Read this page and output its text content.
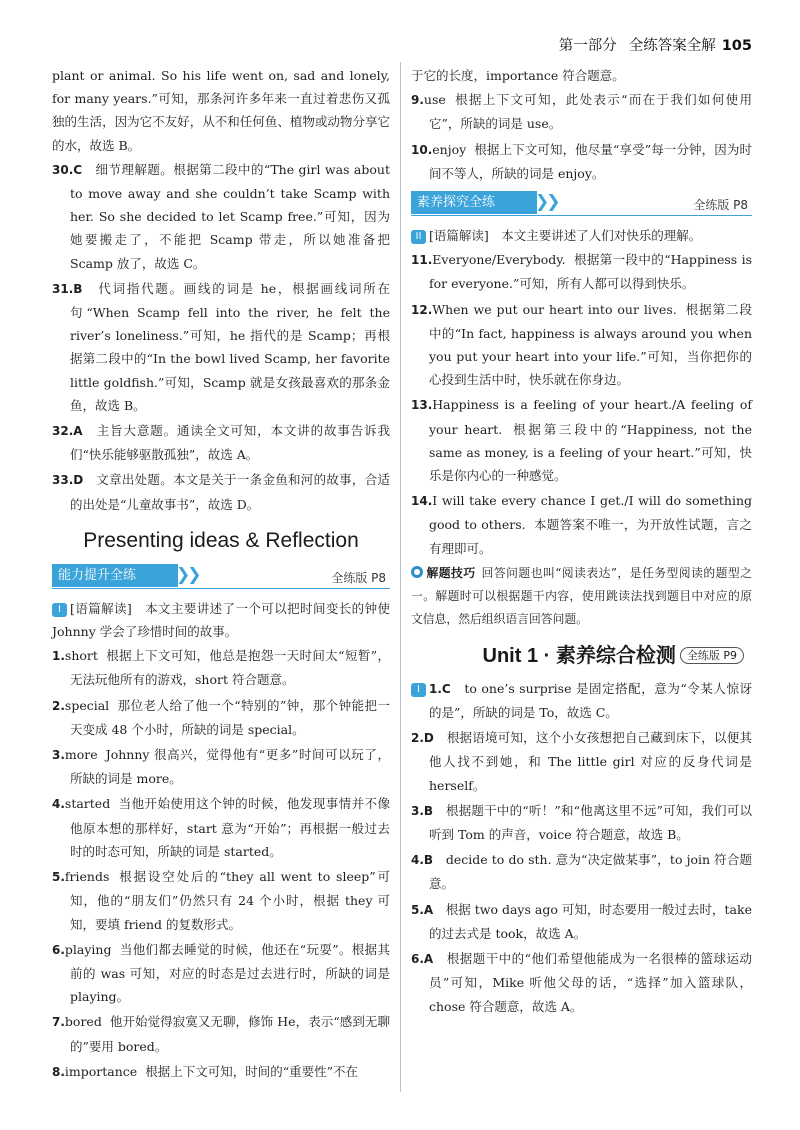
第一部分 全练答案全解 105

plant or animal. So his life went on, sad and lonely, for many years.”可知，那条河许多年来一直过着悲伤又孤独的生活，因为它不友好，从不和任何鱼、植物或动物分享它的水，故选 B。

30.C　 细节理解题。根据第二段中的“The girl was about to move away and she couldn’t take Scamp with her. So she decided to let Scamp free.”可知，因为她要搬走了，不能把 Scamp 带走，所以她准备把 Scamp 放了，故选 C。

31.B　 代词指代题。画线的词是 he，根据画线词所在句“When Scamp fell into the river, he felt the river’s loneliness.”可知，he 指代的是 Scamp；再根据第二段中的“In the bowl lived Scamp, her favorite little goldfish.”可知，Scamp 就是女孩最喜欢的那条金鱼，故选 B。

32.A　 主旨大意题。通读全文可知，本文讲的故事告诉我们“快乐能够驱散孤独”，故选 A。

33.D　 文章出处题。本文是关于一条金鱼和河的故事，合适的出处是“儿童故事书”，故选 D。

Presenting ideas & Reflection
能力提升全练	❯❯	全练版 P8

I [语篇解读]　本文主要讲述了一个可以把时间变长的钟使 Johnny 学会了珍惜时间的故事。

1.short 根据上下文可知，他总是抱怨一天时间太“短暂”，无法玩他所有的游戏，short 符合题意。

2.special 那位老人给了他一个“特别的”钟，那个钟能把一天变成 48 个小时，所缺的词是 special。

3.more Johnny 很高兴，觉得他有“更多”时间可以玩了，所缺的词是 more。

4.started 当他开始使用这个钟的时候，他发现事情并不像他原本想的那样好，start 意为“开始”；再根据一般过去时的时态可知，所缺的词是 started。

5.friends 根据设空处后的“they all went to sleep”可知，他的“朋友们”仍然只有 24 个小时，根据 they 可知，要填 friend 的复数形式。

6.playing 当他们都去睡觉的时候，他还在“玩耍”。根据其前的 was 可知，对应的时态是过去进行时，所缺的词是 playing。

7.bored 他开始觉得寂寞又无聊，修饰 He，表示“感到无聊的”要用 bored。

8.importance 根据上下文可知，时间的“重要性”不在

于它的长度，importance 符合题意。

9.use 根据上下文可知，此处表示“而在于我们如何使用它”，所缺的词是 use。

10.enjoy 根据上下文可知，他尽量“享受”每一分钟，因为时间不等人，所缺的词是 enjoy。

素养探究全练	❯❯	全练版 P8

II [语篇解读]　本文主要讲述了人们对快乐的理解。

11.Everyone/Everybody. 根据第一段中的“Happiness is for everyone.”可知，所有人都可以得到快乐。

12.When we put our heart into our lives. 根据第二段中的“In fact, happiness is always around you when you put your heart into your life.”可知，当你把你的心投到生活中时，快乐就在你身边。

13.Happiness is a feeling of your heart./A feeling of your heart. 根据第三段中的“Happiness, not the same as money, is a feeling of your heart.”可知，快乐是你内心的一种感觉。

14.I will take every chance I get./I will do something good to others. 本题答案不唯一，为开放性试题，言之有理即可。

解题技巧 回答问题也叫“阅读表达”，是任务型阅读的题型之一。解题时可以根据题干内容，使用跳读法找到题目中对应的原文信息，然后组织语言回答问题。

Unit 1 · 素养综合检测 全练版 P9

I 1.C　 to one’s surprise 是固定搭配，意为“令某人惊讶的是”，所缺的词是 To，故选 C。

2.D　 根据语境可知，这个小女孩想把自己藏到床下，以便其他人找不到她，和 The little girl 对应的反身代词是 herself。

3.B　 根据题干中的“听！”和“他离这里不远”可知，我们可以听到 Tom 的声音，voice 符合题意，故选 B。

4.B　 decide to do sth. 意为“决定做某事”，to join 符合题意。

5.A　 根据 two days ago 可知，时态要用一般过去时，take 的过去式是 took，故选 A。

6.A　 根据题干中的“他们希望他能成为一名很棒的篮球运动员”可知，Mike 听他父母的话，“选择”加入篮球队，chose 符合题意，故选 A。
